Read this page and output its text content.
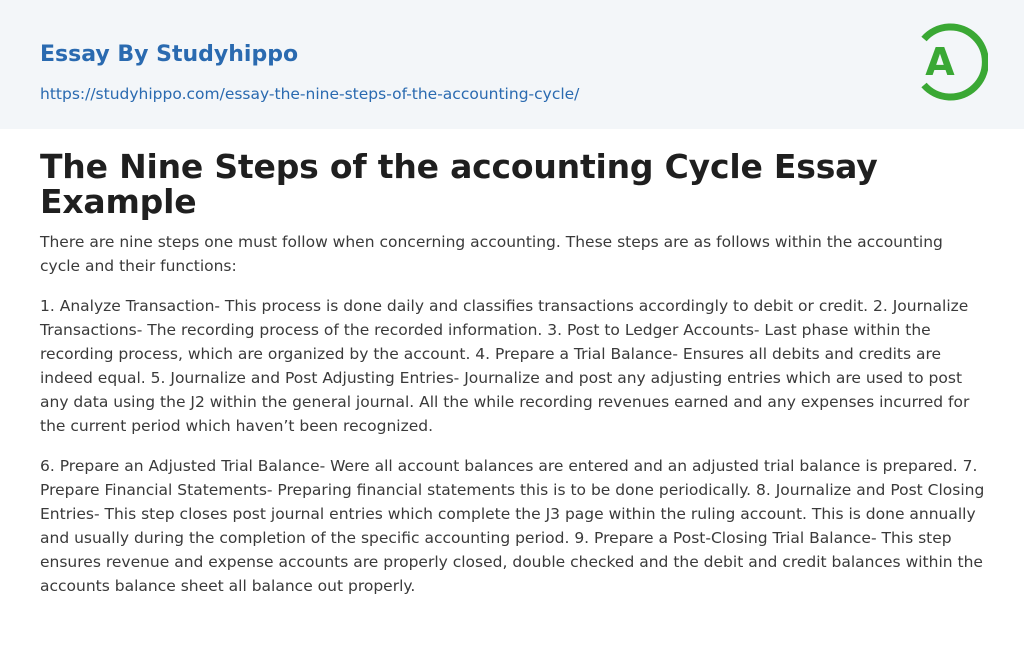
Essay By Studyhippo
https://studyhippo.com/essay-the-nine-steps-of-the-accounting-cycle/
A
The Nine Steps of the accounting Cycle Essay Example

There are nine steps one must follow when concerning accounting. These steps are as follows within the accounting cycle and their functions:

1. Analyze Transaction- This process is done daily and classifies transactions accordingly to debit or credit. 2. Journalize Transactions- The recording process of the recorded information. 3. Post to Ledger Accounts- Last phase within the recording process, which are organized by the account. 4. Prepare a Trial Balance- Ensures all debits and credits are indeed equal. 5. Journalize and Post Adjusting Entries- Journalize and post any adjusting entries which are used to post any data using the J2 within the general journal. All the while recording revenues earned and any expenses incurred for the current period which haven’t been recognized.

6. Prepare an Adjusted Trial Balance- Were all account balances are entered and an adjusted trial balance is prepared. 7. Prepare Financial Statements- Preparing financial statements this is to be done periodically. 8. Journalize and Post Closing Entries- This step closes post journal entries which complete the J3 page within the ruling account. This is done annually and usually during the completion of the specific accounting period. 9. Prepare a Post-Closing Trial Balance- This step ensures revenue and expense accounts are properly closed, double checked and the debit and credit balances within the accounts balance sheet all balance out properly.
